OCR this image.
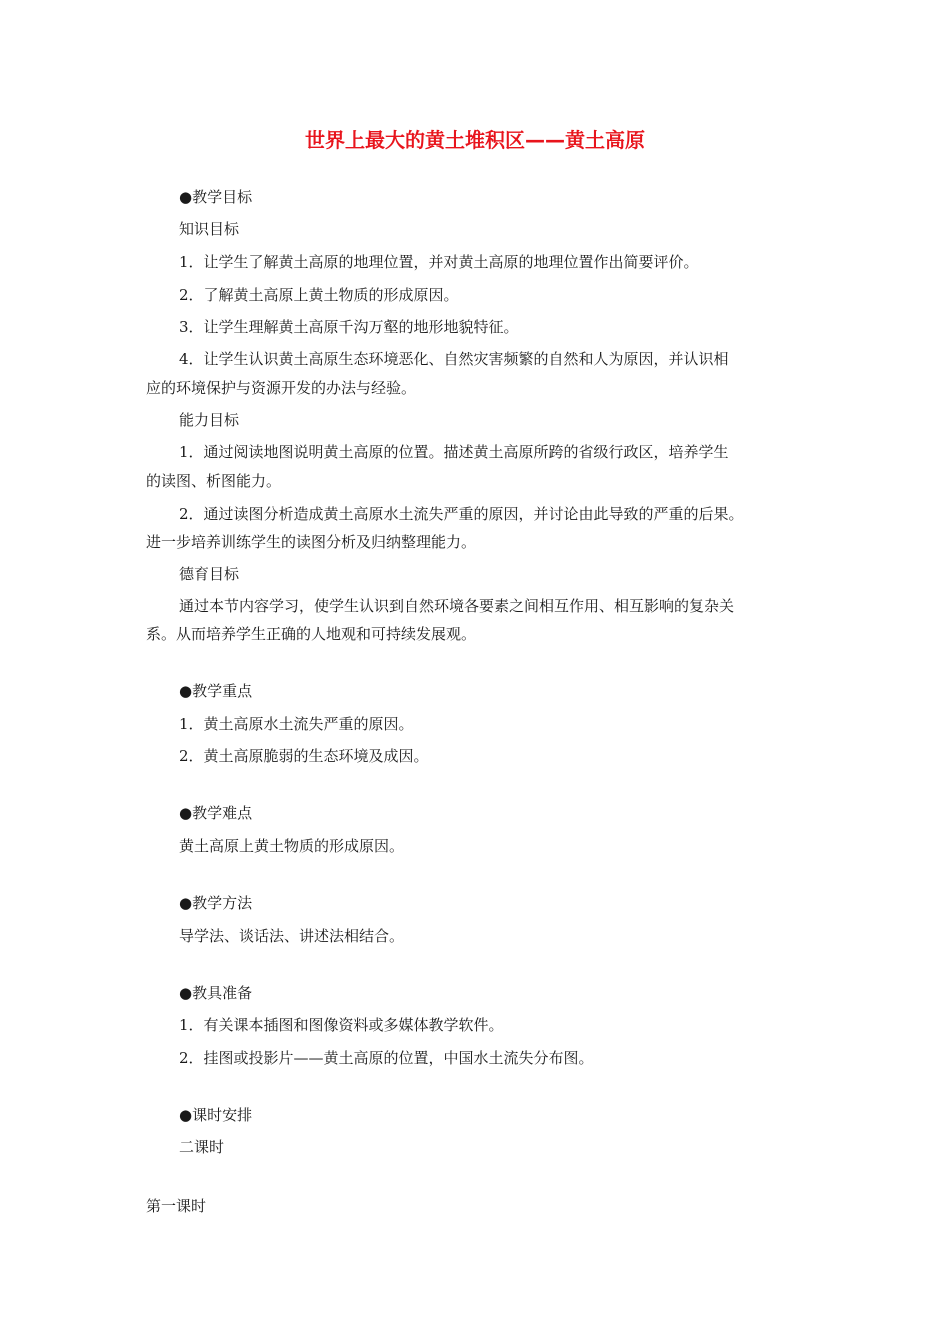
世界上最大的黄土堆积区——黄土高原
●教学目标
知识目标
1．让学生了解黄土高原的地理位置，并对黄土高原的地理位置作出简要评价。
2．了解黄土高原上黄土物质的形成原因。
3．让学生理解黄土高原千沟万壑的地形地貌特征。
4．让学生认识黄土高原生态环境恶化、自然灾害频繁的自然和人为原因，并认识相
应的环境保护与资源开发的办法与经验。
能力目标
1．通过阅读地图说明黄土高原的位置。描述黄土高原所跨的省级行政区，培养学生
的读图、析图能力。
2．通过读图分析造成黄土高原水土流失严重的原因，并讨论由此导致的严重的后果。
进一步培养训练学生的读图分析及归纳整理能力。
德育目标
通过本节内容学习，使学生认识到自然环境各要素之间相互作用、相互影响的复杂关
系。从而培养学生正确的人地观和可持续发展观。
●教学重点
1．黄土高原水土流失严重的原因。
2．黄土高原脆弱的生态环境及成因。
●教学难点
黄土高原上黄土物质的形成原因。
●教学方法
导学法、谈话法、讲述法相结合。
●教具准备
1．有关课本插图和图像资料或多媒体教学软件。
2．挂图或投影片——黄土高原的位置，中国水土流失分布图。
●课时安排
二课时
第一课时
